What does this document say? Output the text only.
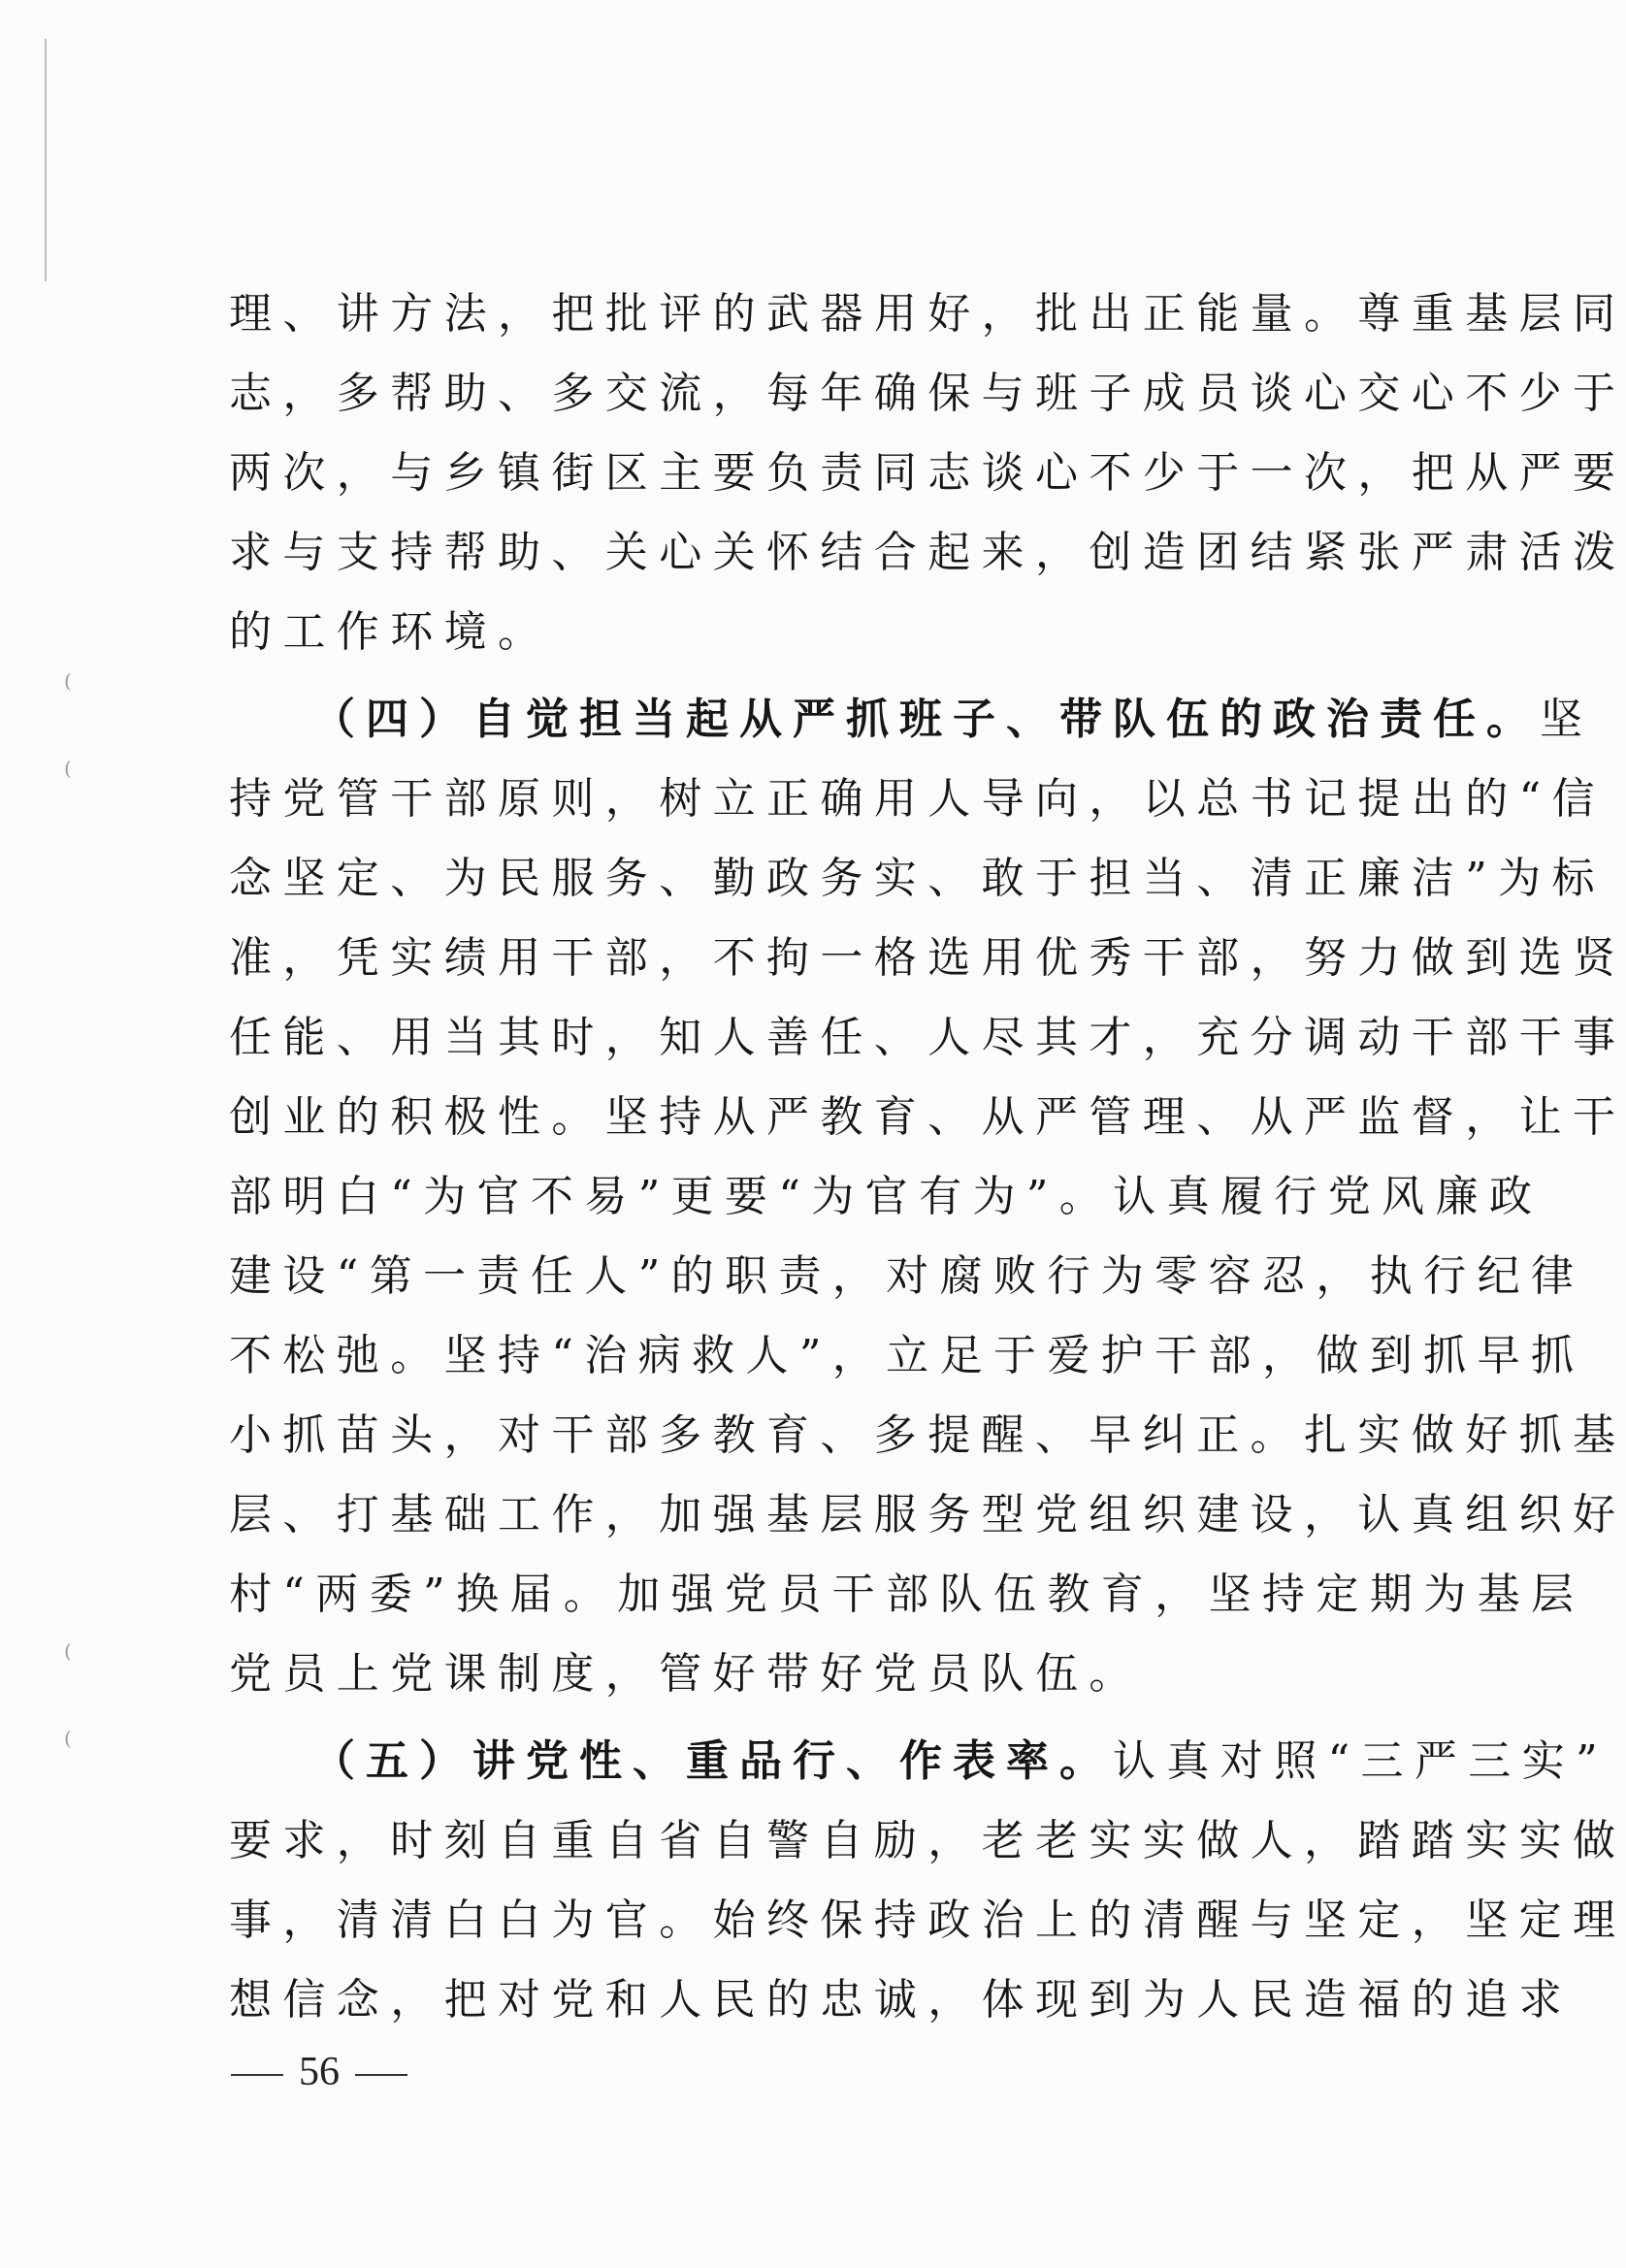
(
(
(
(
理、讲方法，把批评的武器用好，批出正能量。尊重基层同
志，多帮助、多交流，每年确保与班子成员谈心交心不少于
两次，与乡镇街区主要负责同志谈心不少于一次，把从严要
求与支持帮助、关心关怀结合起来，创造团结紧张严肃活泼
的工作环境。
（四）自觉担当起从严抓班子、带队伍的政治责任。坚
持党管干部原则，树立正确用人导向，以总书记提出的“信
念坚定、为民服务、勤政务实、敢于担当、清正廉洁”为标
准，凭实绩用干部，不拘一格选用优秀干部，努力做到选贤
任能、用当其时，知人善任、人尽其才，充分调动干部干事
创业的积极性。坚持从严教育、从严管理、从严监督，让干
部明白“为官不易”更要“为官有为”。认真履行党风廉政
建设“第一责任人”的职责，对腐败行为零容忍，执行纪律
不松弛。坚持“治病救人”，立足于爱护干部，做到抓早抓
小抓苗头，对干部多教育、多提醒、早纠正。扎实做好抓基
层、打基础工作，加强基层服务型党组织建设，认真组织好
村“两委”换届。加强党员干部队伍教育，坚持定期为基层
党员上党课制度，管好带好党员队伍。
（五）讲党性、重品行、作表率。认真对照“三严三实”
要求，时刻自重自省自警自励，老老实实做人，踏踏实实做
事，清清白白为官。始终保持政治上的清醒与坚定，坚定理
想信念，把对党和人民的忠诚，体现到为人民造福的追求
56
